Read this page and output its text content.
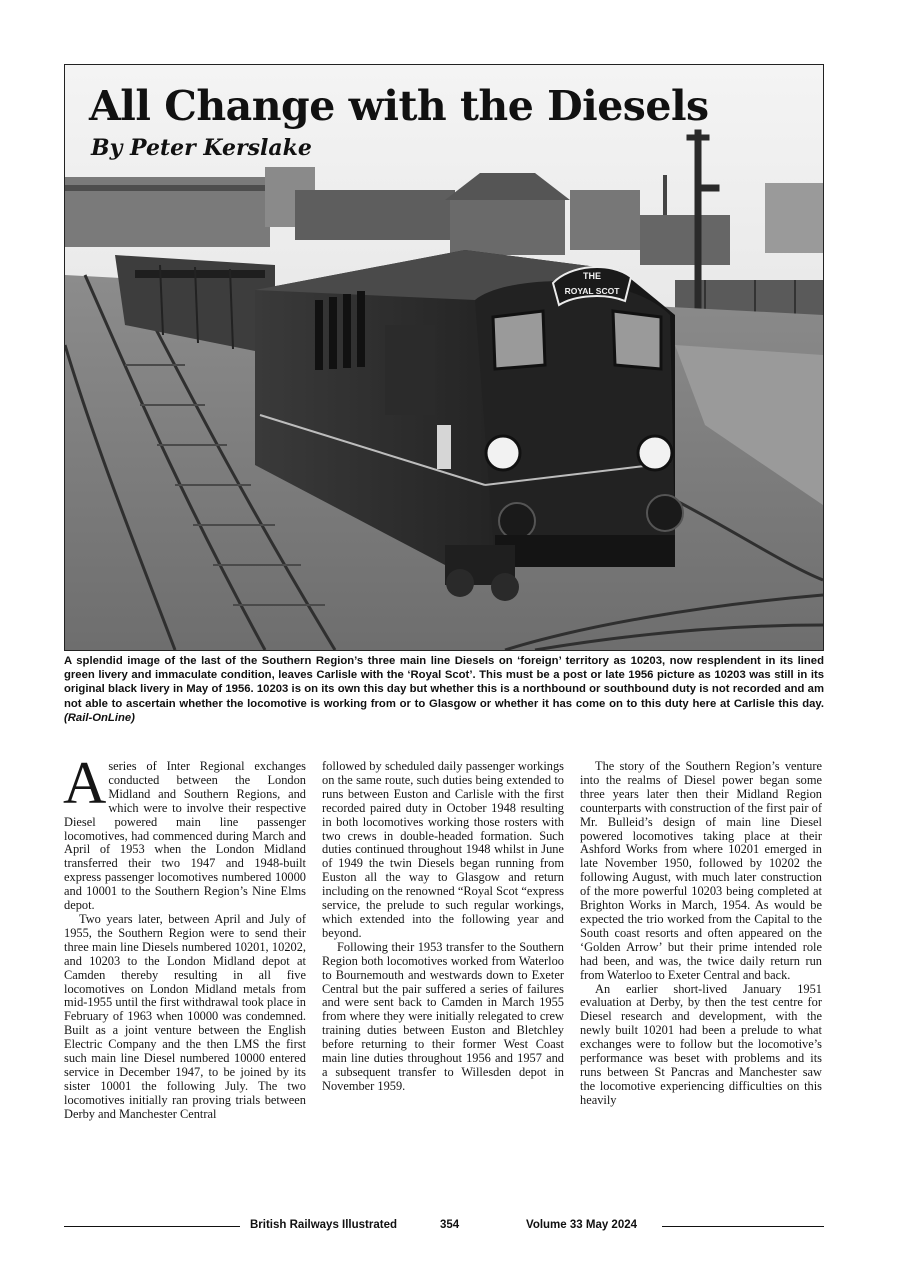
THE
ROYAL SCOT
All Change with the Diesels
By Peter Kerslake

A splendid image of the last of the Southern Region’s three main line Diesels on ‘foreign’ territory as 10203, now resplendent in its lined green livery and immaculate condition, leaves Carlisle with the ‘Royal Scot’. This must be a post or late 1956 picture as 10203 was still in its original black livery in May of 1956. 10203 is on its own this day but whether this is a northbound or southbound duty is not recorded and am not able to ascertain whether the locomotive is working from or to Glasgow or whether it has come on to this duty here at Carlisle this day. (Rail-OnLine)

Aseries of Inter Regional exchanges conducted between the London Midland and Southern Regions, and which were to involve their respective Diesel powered main line passenger locomotives, had commenced during March and April of 1953 when the London Midland transferred their two 1947 and 1948-built express passenger locomotives numbered 10000 and 10001 to the Southern Region’s Nine Elms depot.

Two years later, between April and July of 1955, the Southern Region were to send their three main line Diesels numbered 10201, 10202, and 10203 to the London Midland depot at Camden thereby resulting in all five locomotives on London Midland metals from mid-1955 until the first withdrawal took place in February of 1963 when 10000 was condemned. Built as a joint venture between the English Electric Company and the then LMS the first such main line Diesel numbered 10000 entered service in December 1947, to be joined by its sister 10001 the following July. The two locomotives initially ran proving trials between Derby and Manchester Central

followed by scheduled daily passenger workings on the same route, such duties being extended to runs between Euston and Carlisle with the first recorded paired duty in October 1948 resulting in both locomotives working those rosters with two crews in double-headed formation. Such duties continued throughout 1948 whilst in June of 1949 the twin Diesels began running from Euston all the way to Glasgow and return including on the renowned “Royal Scot “express service, the prelude to such regular workings, which extended into the following year and beyond.

Following their 1953 transfer to the Southern Region both locomotives worked from Waterloo to Bournemouth and westwards down to Exeter Central but the pair suffered a series of failures and were sent back to Camden in March 1955 from where they were initially relegated to crew training duties between Euston and Bletchley before returning to their former West Coast main line duties throughout 1956 and 1957 and a subsequent transfer to Willesden depot in November 1959.

The story of the Southern Region’s venture into the realms of Diesel power began some three years later then their Midland Region counterparts with construction of the first pair of Mr. Bulleid’s design of main line Diesel powered locomotives taking place at their Ashford Works from where 10201 emerged in late November 1950, followed by 10202 the following August, with much later construction of the more powerful 10203 being completed at Brighton Works in March, 1954. As would be expected the trio worked from the Capital to the South coast resorts and often appeared on the ‘Golden Arrow’ but their prime intended role had been, and was, the twice daily return run from Waterloo to Exeter Central and back.

An earlier short-lived January 1951 evaluation at Derby, by then the test centre for Diesel research and development, with the newly built 10201 had been a prelude to what exchanges were to follow but the locomotive’s performance was beset with problems and its runs between St Pancras and Manchester saw the locomotive experiencing difficulties on this heavily

British Railways Illustrated	354	Volume 33 May 2024
